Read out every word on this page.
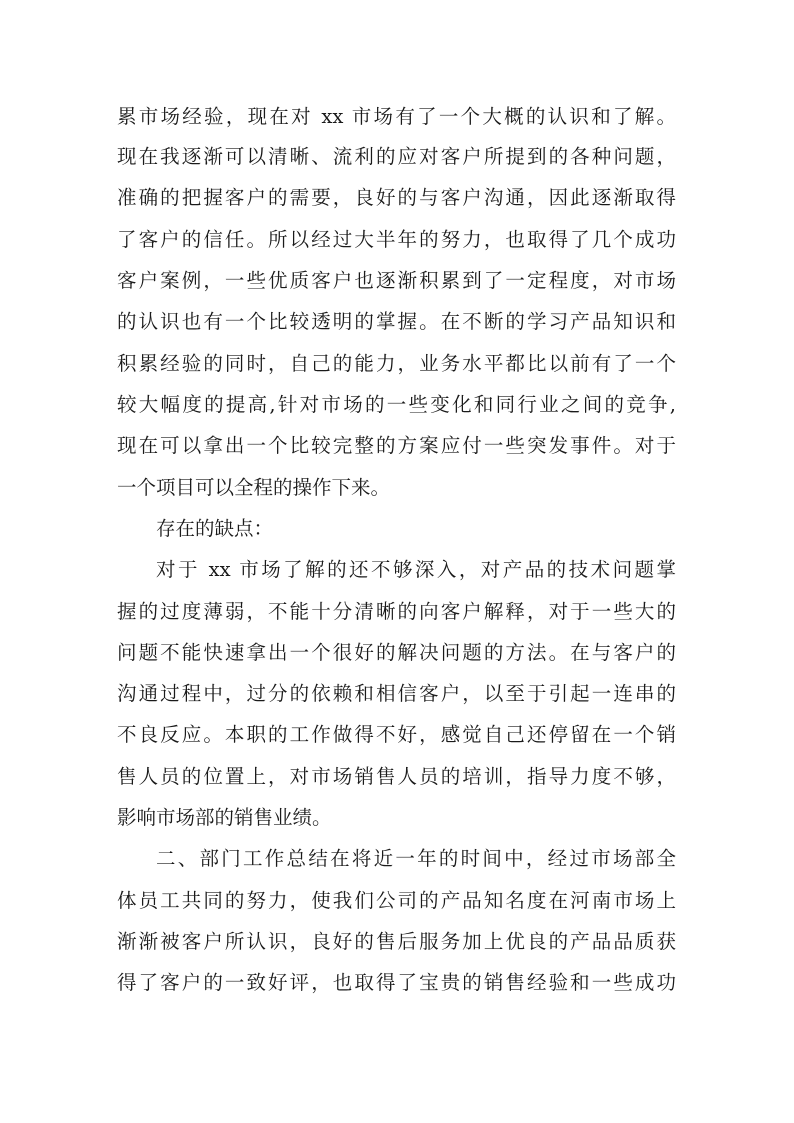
累市场经验，现在对 xx 市场有了一个大概的认识和了解。
现在我逐渐可以清晰、流利的应对客户所提到的各种问题，
准确的把握客户的需要，良好的与客户沟通，因此逐渐取得
了客户的信任。所以经过大半年的努力，也取得了几个成功
客户案例，一些优质客户也逐渐积累到了一定程度，对市场
的认识也有一个比较透明的掌握。在不断的学习产品知识和
积累经验的同时，自己的能力，业务水平都比以前有了一个
较大幅度的提高,针对市场的一些变化和同行业之间的竞争,
现在可以拿出一个比较完整的方案应付一些突发事件。对于
一个项目可以全程的操作下来。
存在的缺点：
对于 xx 市场了解的还不够深入，对产品的技术问题掌
握的过度薄弱，不能十分清晰的向客户解释，对于一些大的
问题不能快速拿出一个很好的解决问题的方法。在与客户的
沟通过程中，过分的依赖和相信客户，以至于引起一连串的
不良反应。本职的工作做得不好，感觉自己还停留在一个销
售人员的位置上，对市场销售人员的培训，指导力度不够，
影响市场部的销售业绩。
二、部门工作总结在将近一年的时间中，经过市场部全
体员工共同的努力，使我们公司的产品知名度在河南市场上
渐渐被客户所认识，良好的售后服务加上优良的产品品质获
得了客户的一致好评，也取得了宝贵的销售经验和一些成功
